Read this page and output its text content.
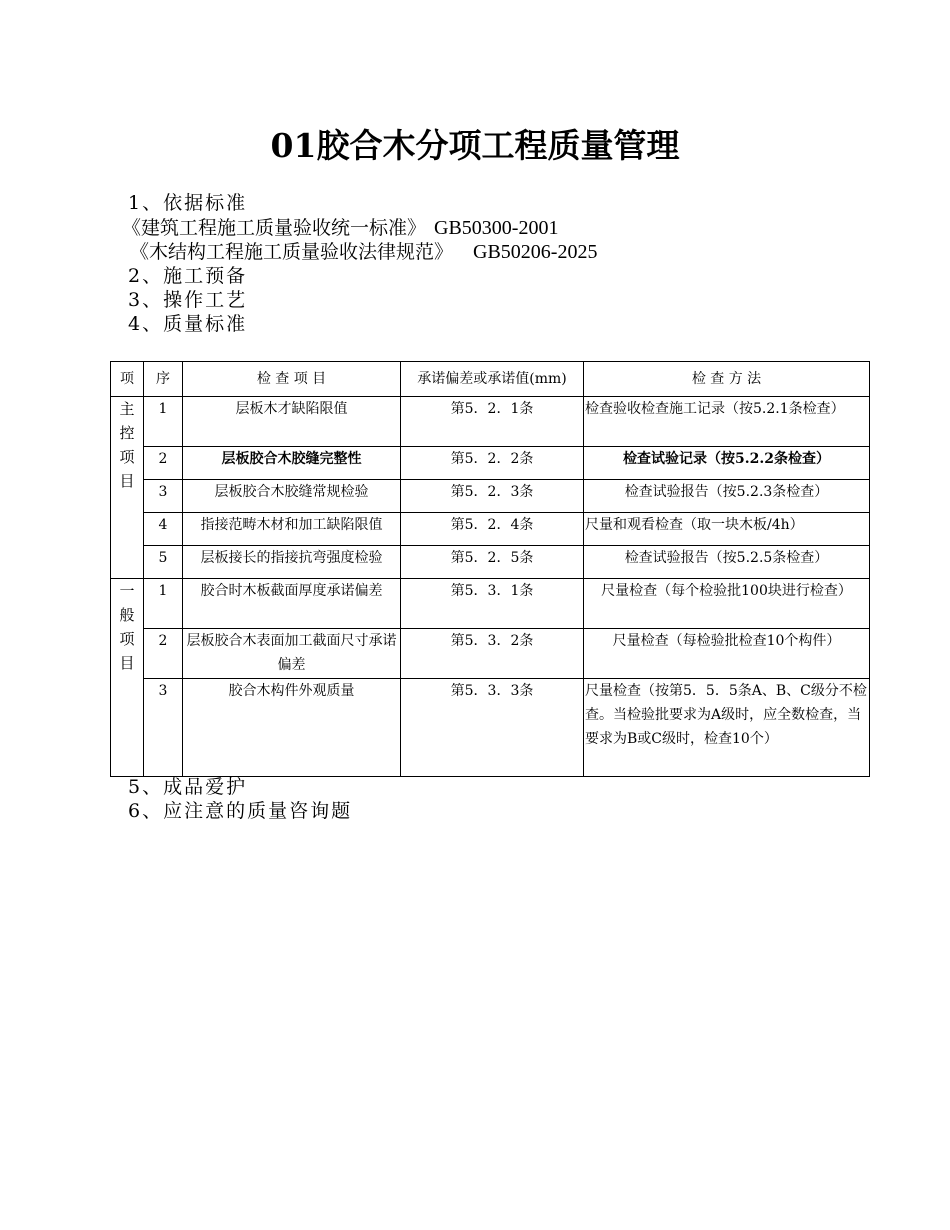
01胶合木分项工程质量管理
1、依据标准
《建筑工程施工质量验收统一标准》 GB50300-2001
《木结构工程施工质量验收法律规范》 GB50206-2025
2、施工预备
3、操作工艺
4、质量标准
项	序	检 查 项 目	承诺偏差或承诺值(mm)	检 查 方 法

主控项目	1	层板木才缺陷限值	第5．2．1条	检查验收检查施工记录（按5.2.1条检查）
	2	层板胶合木胶缝完整性	第5．2．2条	检查试验记录（按5.2.2条检查）
	3	层板胶合木胶缝常规检验	第5．2．3条	检查试验报告（按5.2.3条检查）
	4	指接范畴木材和加工缺陷限值	第5．2．4条	尺量和观看检查（取一块木板/4h）
	5	层板接长的指接抗弯强度检验	第5．2．5条	检查试验报告（按5.2.5条检查）

一般项目	1	胶合时木板截面厚度承诺偏差	第5．3．1条	尺量检查（每个检验批100块进行检查）
	2	层板胶合木表面加工截面尺寸承诺偏差	第5．3．2条	尺量检查（每检验批检查10个构件）
	3	胶合木构件外观质量	第5．3．3条	尺量检查（按第5．5．5条A、B、C级分不检查。当检验批要求为A级时，应全数检查，当要求为B或C级时，检查10个）
5、成品爱护
6、应注意的质量咨询题
